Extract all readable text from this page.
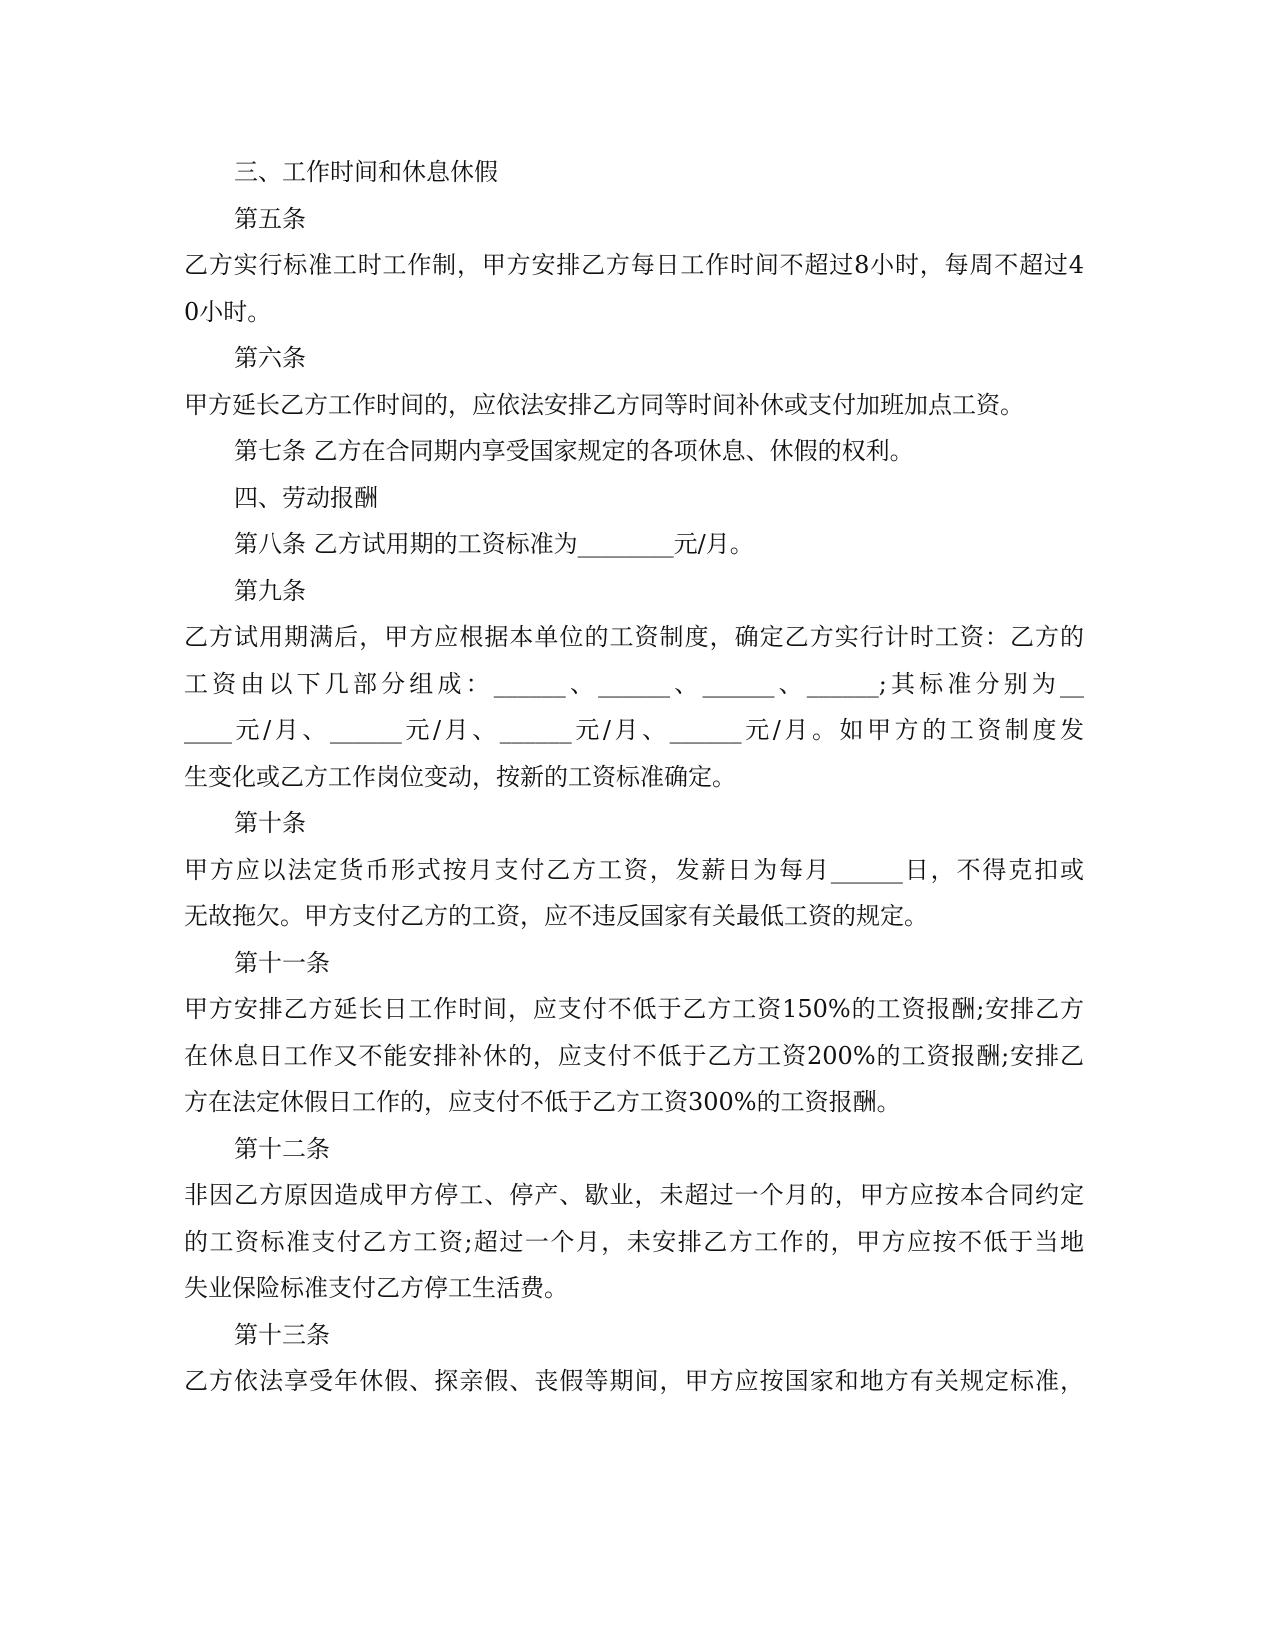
三、工作时间和休息休假

第五条

乙方实行标准工时工作制，甲方安排乙方每日工作时间不超过8小时，每周不超过4

0小时。

第六条

甲方延长乙方工作时间的，应依法安排乙方同等时间补休或支付加班加点工资。

第七条 乙方在合同期内享受国家规定的各项休息、休假的权利。

四、劳动报酬

第八条 乙方试用期的工资标准为________元/月。

第九条

乙方试用期满后，甲方应根据本单位的工资制度，确定乙方实行计时工资：乙方的

工资由以下几部分组成：______、______、______、______;其标准分别为__

____元/月、______元/月、______元/月、______元/月。如甲方的工资制度发

生变化或乙方工作岗位变动，按新的工资标准确定。

第十条

甲方应以法定货币形式按月支付乙方工资，发薪日为每月______日，不得克扣或

无故拖欠。甲方支付乙方的工资，应不违反国家有关最低工资的规定。

第十一条

甲方安排乙方延长日工作时间，应支付不低于乙方工资150%的工资报酬;安排乙方

在休息日工作又不能安排补休的，应支付不低于乙方工资200%的工资报酬;安排乙

方在法定休假日工作的，应支付不低于乙方工资300%的工资报酬。

第十二条

非因乙方原因造成甲方停工、停产、歇业，未超过一个月的，甲方应按本合同约定

的工资标准支付乙方工资;超过一个月，未安排乙方工作的，甲方应按不低于当地

失业保险标准支付乙方停工生活费。

第十三条

乙方依法享受年休假、探亲假、丧假等期间，甲方应按国家和地方有关规定标准，
